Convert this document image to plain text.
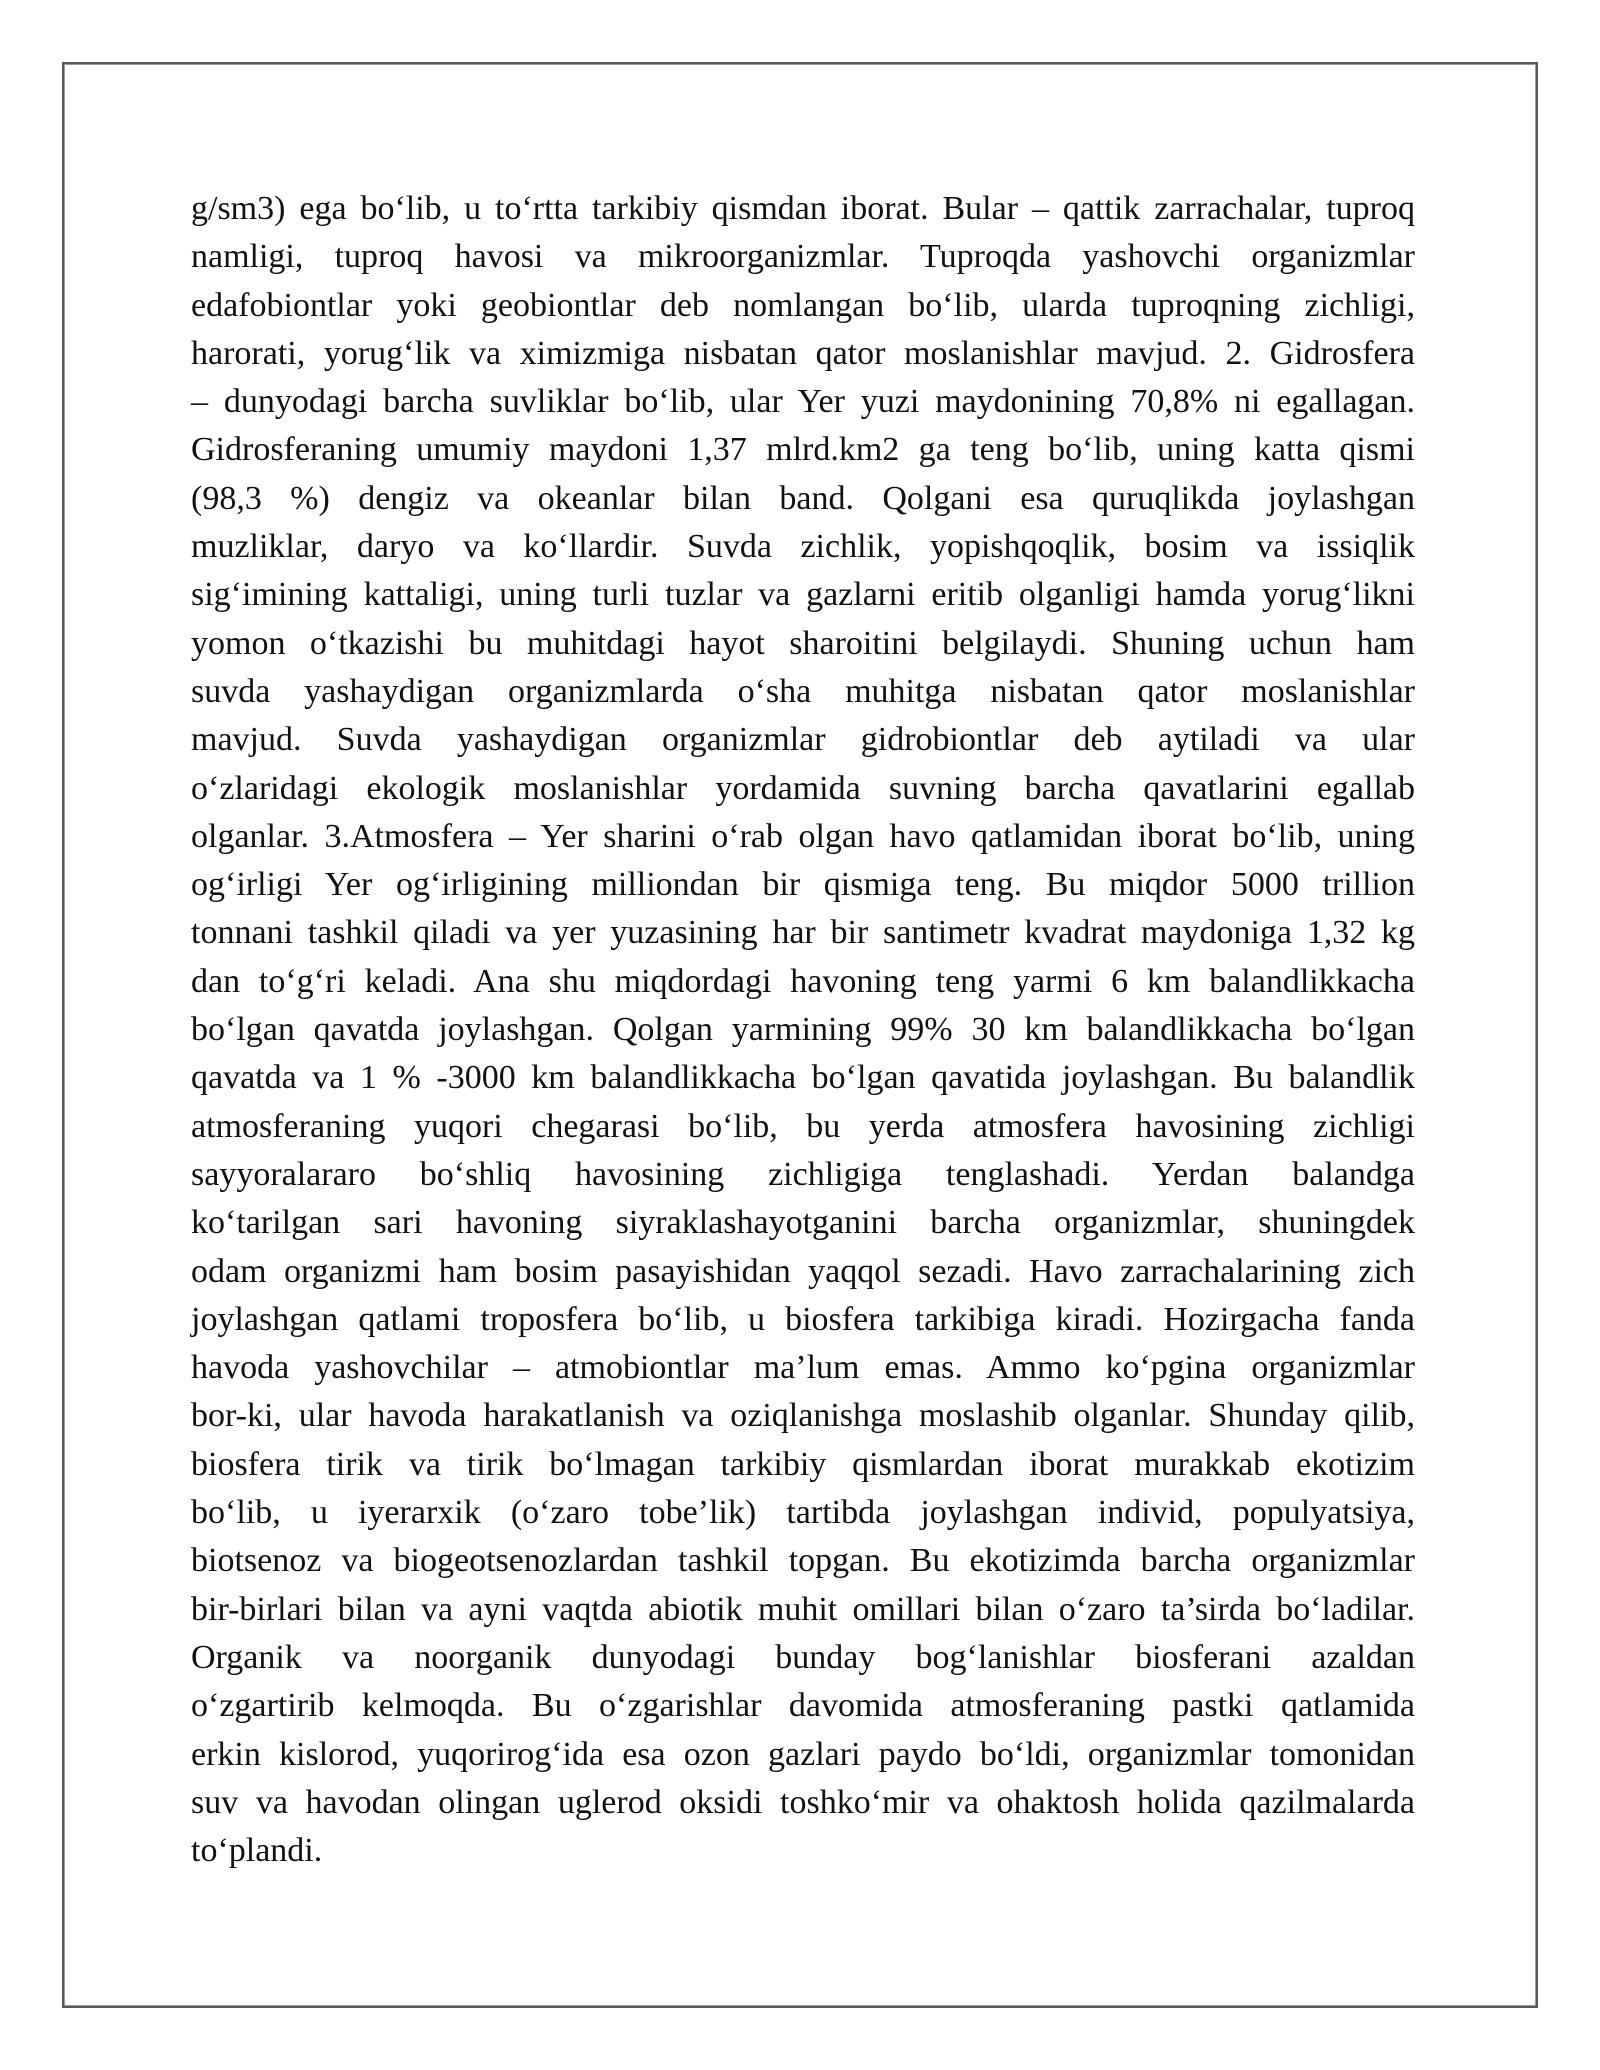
g/sm3) ega bo‘lib, u to‘rtta tarkibiy qismdan iborat. Bular – qattik zarrachalar, tuproq
namligi, tuproq havosi va mikroorganizmlar. Tuproqda yashovchi organizmlar
edafobiontlar yoki geobiontlar deb nomlangan bo‘lib, ularda tuproqning zichligi,
harorati, yorug‘lik va ximizmiga nisbatan qator moslanishlar mavjud. 2. Gidrosfera
– dunyodagi barcha suvliklar bo‘lib, ular Yer yuzi maydonining 70,8% ni egallagan.
Gidrosferaning umumiy maydoni 1,37 mlrd.km2 ga teng bo‘lib, uning katta qismi
(98,3 %) dengiz va okeanlar bilan band. Qolgani esa quruqlikda joylashgan
muzliklar, daryo va ko‘llardir. Suvda zichlik, yopishqoqlik, bosim va issiqlik
sig‘imining kattaligi, uning turli tuzlar va gazlarni eritib olganligi hamda yorug‘likni
yomon o‘tkazishi bu muhitdagi hayot sharoitini belgilaydi. Shuning uchun ham
suvda yashaydigan organizmlarda o‘sha muhitga nisbatan qator moslanishlar
mavjud. Suvda yashaydigan organizmlar gidrobiontlar deb aytiladi va ular
o‘zlaridagi ekologik moslanishlar yordamida suvning barcha qavatlarini egallab
olganlar. 3.Atmosfera – Yer sharini o‘rab olgan havo qatlamidan iborat bo‘lib, uning
og‘irligi Yer og‘irligining milliondan bir qismiga teng. Bu miqdor 5000 trillion
tonnani tashkil qiladi va yer yuzasining har bir santimetr kvadrat maydoniga 1,32 kg
dan to‘g‘ri keladi. Ana shu miqdordagi havoning teng yarmi 6 km balandlikkacha
bo‘lgan qavatda joylashgan. Qolgan yarmining 99% 30 km balandlikkacha bo‘lgan
qavatda va 1 % -3000 km balandlikkacha bo‘lgan qavatida joylashgan. Bu balandlik
atmosferaning yuqori chegarasi bo‘lib, bu yerda atmosfera havosining zichligi
sayyoralararo bo‘shliq havosining zichligiga tenglashadi. Yerdan balandga
ko‘tarilgan sari havoning siyraklashayotganini barcha organizmlar, shuningdek
odam organizmi ham bosim pasayishidan yaqqol sezadi. Havo zarrachalarining zich
joylashgan qatlami troposfera bo‘lib, u biosfera tarkibiga kiradi. Hozirgacha fanda
havoda yashovchilar – atmobiontlar ma’lum emas. Ammo ko‘pgina organizmlar
bor-ki, ular havoda harakatlanish va oziqlanishga moslashib olganlar. Shunday qilib,
biosfera tirik va tirik bo‘lmagan tarkibiy qismlardan iborat murakkab ekotizim
bo‘lib, u iyerarxik (o‘zaro tobe’lik) tartibda joylashgan individ, populyatsiya,
biotsenoz va biogeotsenozlardan tashkil topgan. Bu ekotizimda barcha organizmlar
bir-birlari bilan va ayni vaqtda abiotik muhit omillari bilan o‘zaro ta’sirda bo‘ladilar.
Organik va noorganik dunyodagi bunday bog‘lanishlar biosferani azaldan
o‘zgartirib kelmoqda. Bu o‘zgarishlar davomida atmosferaning pastki qatlamida
erkin kislorod, yuqorirog‘ida esa ozon gazlari paydo bo‘ldi, organizmlar tomonidan
suv va havodan olingan uglerod oksidi toshko‘mir va ohaktosh holida qazilmalarda
to‘plandi.
